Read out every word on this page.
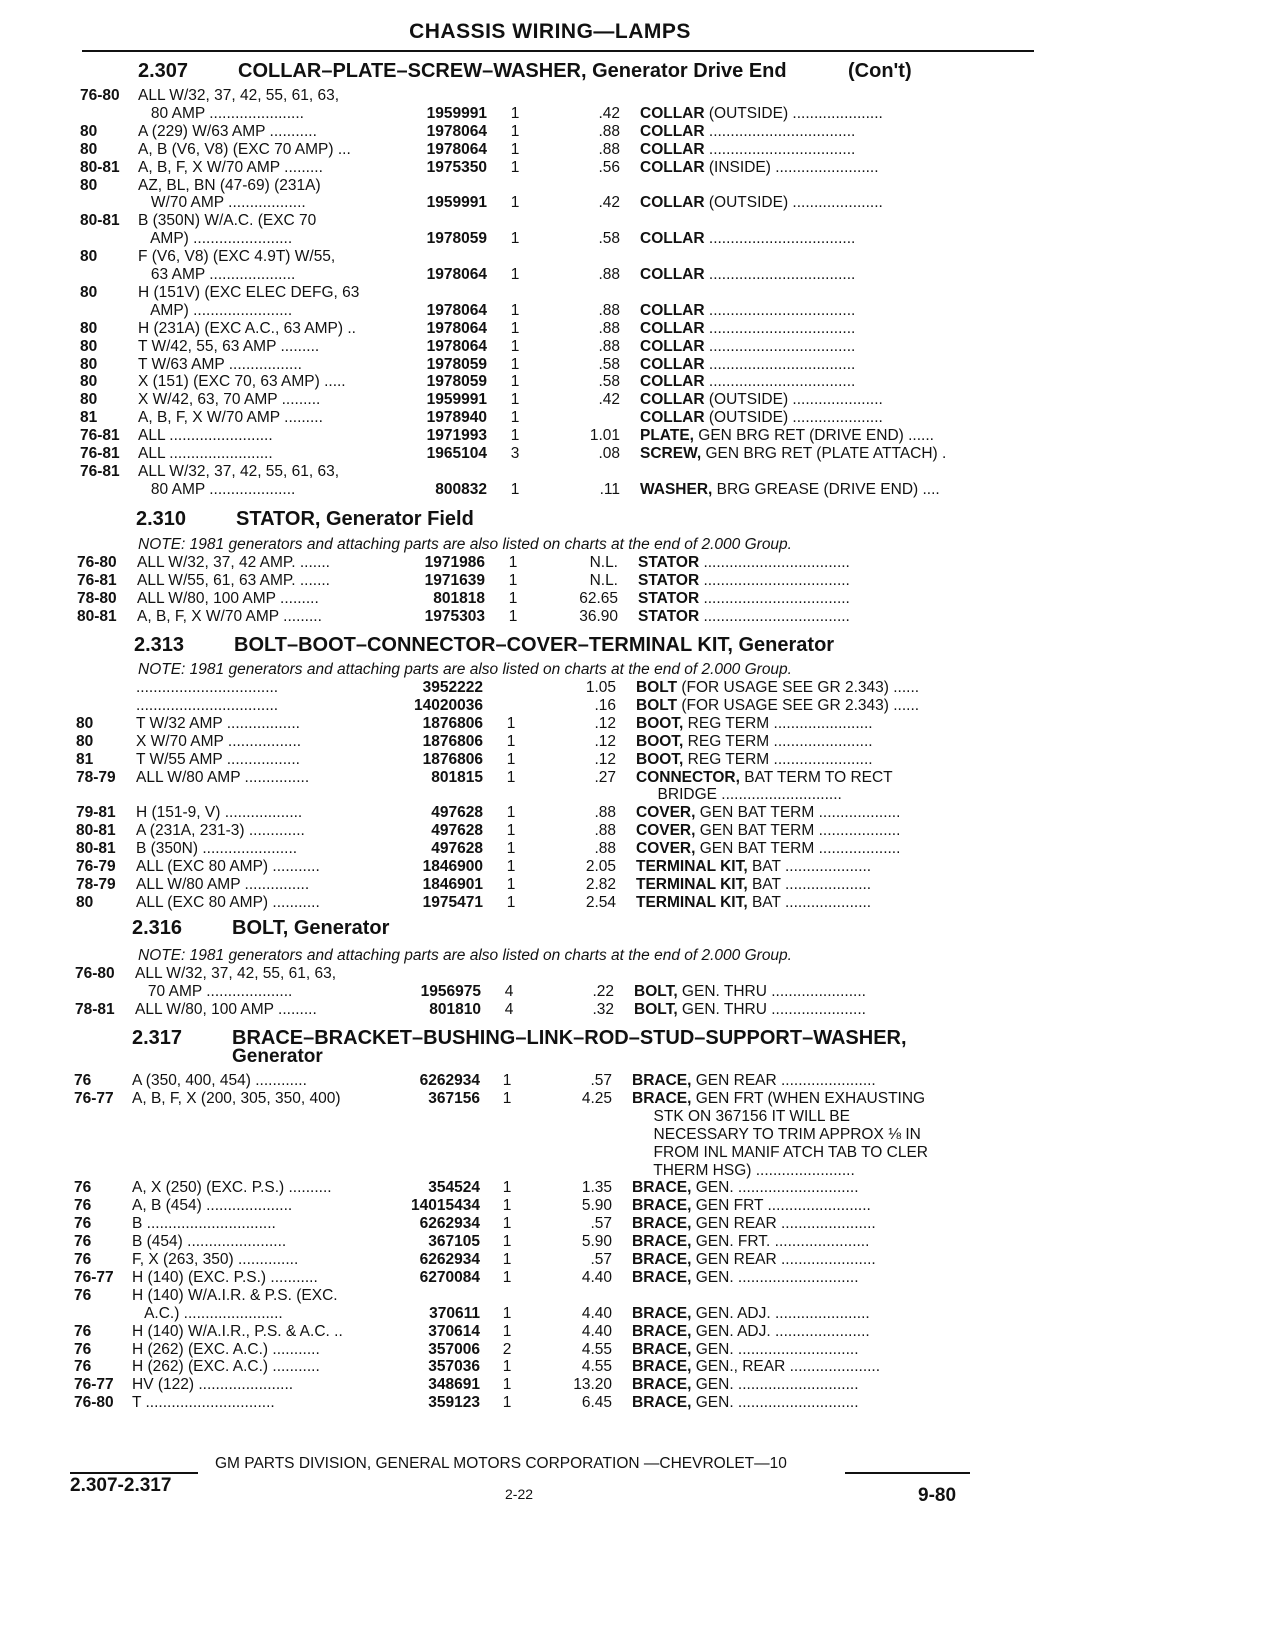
CHASSIS WIRING—LAMPS
2.307 COLLAR–PLATE–SCREW–WASHER, Generator Drive End	(Con't)
76-80 ALL W/32, 37, 42, 55, 61, 63,
80 AMP ......................	1959991	1	.42 COLLAR (OUTSIDE) .....................
80	A (229) W/63 AMP ...........	1978064	1	.88 COLLAR ..................................
80	A, B (V6, V8) (EXC 70 AMP) ...	1978064	1	.88 COLLAR ..................................
80-81 A, B, F, X W/70 AMP .........	1975350	1	.56 COLLAR (INSIDE) ........................
80	AZ, BL, BN (47-69) (231A)
W/70 AMP ..................	1959991	1	.42 COLLAR (OUTSIDE) .....................
80-81 B (350N) W/A.C. (EXC 70
AMP) .......................	1978059	1	.58 COLLAR ..................................
80	F (V6, V8) (EXC 4.9T) W/55,
63 AMP ....................	1978064	1	.88 COLLAR ..................................
80	H (151V) (EXC ELEC DEFG, 63
AMP) .......................	1978064	1	.88 COLLAR ..................................
80	H (231A) (EXC A.C., 63 AMP) ..	1978064	1	.88 COLLAR ..................................
80	T W/42, 55, 63 AMP .........	1978064	1	.88 COLLAR ..................................
80	T W/63 AMP .................	1978059	1	.58 COLLAR ..................................
80	X (151) (EXC 70, 63 AMP) .....	1978059	1	.58 COLLAR ..................................
80	X W/42, 63, 70 AMP .........	1959991	1	.42 COLLAR (OUTSIDE) .....................
81	A, B, F, X W/70 AMP .........	1978940	1	COLLAR (OUTSIDE) .....................
76-81 ALL ........................	1971993	1	1.01 PLATE, GEN BRG RET (DRIVE END) ......
76-81 ALL ........................	1965104	3	.08 SCREW, GEN BRG RET (PLATE ATTACH) .
76-81 ALL W/32, 37, 42, 55, 61, 63,
80 AMP ....................	800832	1	.11 WASHER, BRG GREASE (DRIVE END) ....
2.310 STATOR, Generator Field
NOTE: 1981 generators and attaching parts are also listed on charts at the end of 2.000 Group.
76-80 ALL W/32, 37, 42 AMP. .......	1971986	1	N.L. STATOR ..................................
76-81 ALL W/55, 61, 63 AMP. .......	1971639	1	N.L. STATOR ..................................
78-80 ALL W/80, 100 AMP .........	801818	1	62.65 STATOR ..................................
80-81 A, B, F, X W/70 AMP .........	1975303	1	36.90 STATOR ..................................
2.313 BOLT–BOOT–CONNECTOR–COVER–TERMINAL KIT, Generator
NOTE: 1981 generators and attaching parts are also listed on charts at the end of 2.000 Group.
.................................	3952222	1.05 BOLT (FOR USAGE SEE GR 2.343) ......
.................................	14020036	.16 BOLT (FOR USAGE SEE GR 2.343) ......
80	T W/32 AMP .................	1876806	1	.12 BOOT, REG TERM .......................
80	X W/70 AMP .................	1876806	1	.12 BOOT, REG TERM .......................
81	T W/55 AMP .................	1876806	1	.12 BOOT, REG TERM .......................
78-79 ALL W/80 AMP ...............	801815	1	.27 CONNECTOR, BAT TERM TO RECT
BRIDGE ............................
79-81 H (151-9, V) ..................	497628	1	.88 COVER, GEN BAT TERM ...................
80-81 A (231A, 231-3) .............	497628	1	.88 COVER, GEN BAT TERM ...................
80-81 B (350N) ......................	497628	1	.88 COVER, GEN BAT TERM ...................
76-79 ALL (EXC 80 AMP) ...........	1846900	1	2.05 TERMINAL KIT, BAT ....................
78-79 ALL W/80 AMP ...............	1846901	1	2.82 TERMINAL KIT, BAT ....................
80	ALL (EXC 80 AMP) ...........	1975471	1	2.54 TERMINAL KIT, BAT ....................
2.316 BOLT, Generator
NOTE: 1981 generators and attaching parts are also listed on charts at the end of 2.000 Group.
76-80 ALL W/32, 37, 42, 55, 61, 63,
70 AMP ....................	1956975	4	.22 BOLT, GEN. THRU ......................
78-81 ALL W/80, 100 AMP .........	801810	4	.32 BOLT, GEN. THRU ......................
2.317 BRACE–BRACKET–BUSHING–LINK–ROD–STUD–SUPPORT–WASHER,
Generator
76	A (350, 400, 454) ............	6262934	1	.57 BRACE, GEN REAR ......................
76-77 A, B, F, X (200, 305, 350, 400)	367156	1	4.25 BRACE, GEN FRT (WHEN EXHAUSTING
STK ON 367156 IT WILL BE
NECESSARY TO TRIM APPROX ⅛ IN
FROM INL MANIF ATCH TAB TO CLER
THERM HSG) .......................
76	A, X (250) (EXC. P.S.) ..........	354524	1	1.35 BRACE, GEN. ............................
76	A, B (454) ....................	14015434	1	5.90 BRACE, GEN FRT ........................
76	B ..............................	6262934	1	.57 BRACE, GEN REAR ......................
76	B (454) .......................	367105	1	5.90 BRACE, GEN. FRT. ......................
76	F, X (263, 350) ..............	6262934	1	.57 BRACE, GEN REAR ......................
76-77 H (140) (EXC. P.S.) ...........	6270084	1	4.40 BRACE, GEN. ............................
76	H (140) W/A.I.R. & P.S. (EXC.
A.C.) .......................	370611	1	4.40 BRACE, GEN. ADJ. ......................
76	H (140) W/A.I.R., P.S. & A.C. ..	370614	1	4.40 BRACE, GEN. ADJ. ......................
76	H (262) (EXC. A.C.) ...........	357006	2	4.55 BRACE, GEN. ............................
76	H (262) (EXC. A.C.) ...........	357036	1	4.55 BRACE, GEN., REAR .....................
76-77 HV (122) ......................	348691	1	13.20 BRACE, GEN. ............................
76-80 T ..............................	359123	1	6.45 BRACE, GEN. ............................
GM PARTS DIVISION, GENERAL MOTORS CORPORATION —CHEVROLET—10
2.307-2.317	2-22	9-80
